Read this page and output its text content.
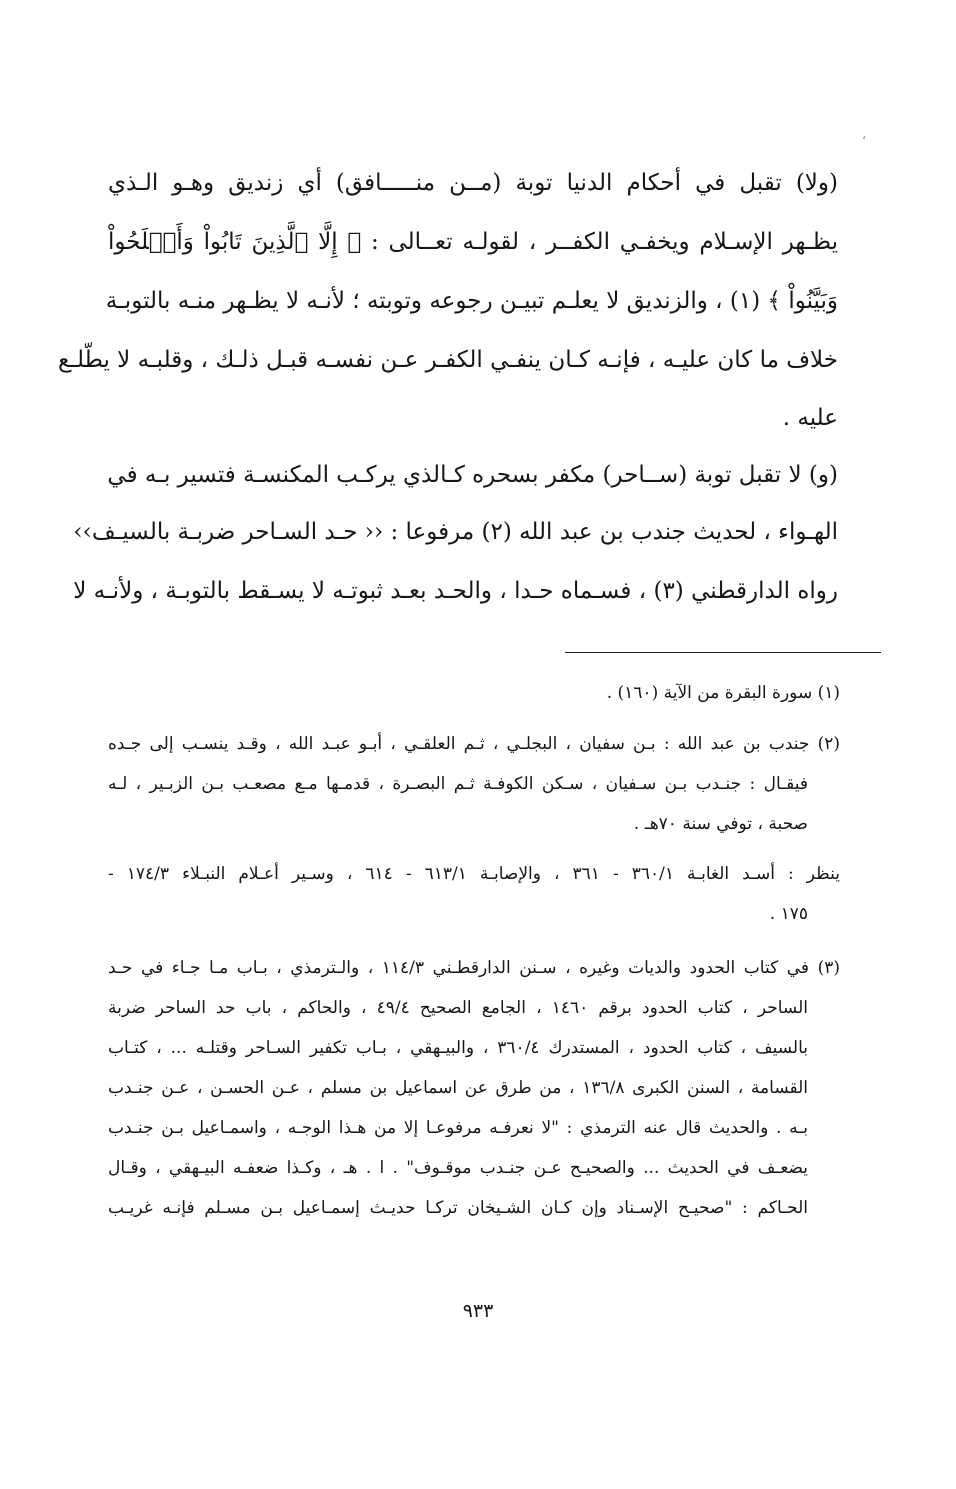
،
(ولا) تقبل في أحكام الدنيا توبة (مــن منـــــافق) أي زنديق وهـو الـذي
يظـهر الإسـلام ويخفـي الكفــر ، لقولـه تعــالى : ﴿ إِلَّا ٱلَّذِينَ تَابُواْ وَأَصۡلَحُواْ
وَبَيَّنُواْ ﴾ (١) ، والزنديق لا يعلـم تبيـن رجوعه وتوبته ؛ لأنـه لا يظـهر منـه بالتوبـة
خلاف ما كان عليـه ، فإنـه كـان ينفـي الكفـر عـن نفسـه قبـل ذلـك ، وقلبـه لا يطّلـع
عليه .
(و) لا تقبل توبة (ســاحر) مكفر بسحره كـالذي يركـب المكنسـة فتسير بـه في
الهـواء ، لحديث جندب بن عبد الله (٢) مرفوعا : ‹‹ حـد السـاحر ضربـة بالسيـف››
رواه الدارقطني (٣) ، فسـماه حـدا ، والحـد بعـد ثبوتـه لا يسـقط بالتوبـة ، ولأنـه لا
(١) سورة البقرة من الآية (١٦٠) .
(٢) جندب بن عبد الله : بـن سفيان ، البجلـي ، ثـم العلقـي ، أبـو عبـد الله ، وقـد ينسـب إلى جـده
فيقـال : جنـدب بـن سـفيان ، سـكن الكوفـة ثـم البصـرة ، قدمـها مـع مصعـب بـن الزبـير ، لـه
صحبة ، توفي سنة ٧٠هـ .
ينظر : أسـد الغابـة ٣٦٠/١ - ٣٦١ ، والإصابـة ٦١٣/١ - ٦١٤ ، وسـير أعـلام النبـلاء ١٧٤/٣ -
١٧٥ .
(٣) في كتاب الحدود والديات وغيره ، سـنن الدارقطـني ١١٤/٣ ، والـترمذي ، بـاب مـا جـاء في حـد
الساحر ، كتاب الحدود برقم ١٤٦٠ ، الجامع الصحيح ٤٩/٤ ، والحاكم ، باب حد الساحر ضربة
بالسيف ، كتاب الحدود ، المستدرك ٣٦٠/٤ ، والبيـهقي ، بـاب تكفير السـاحر وقتلـه ... ، كتـاب
القسامة ، السنن الكبرى ١٣٦/٨ ، من طرق عن اسماعيل بن مسلم ، عـن الحسـن ، عـن جنـدب
بـه . والحديث قال عنه الترمذي : "لا نعرفـه مرفوعـا إلا من هـذا الوجـه ، واسمـاعيل بـن جنـدب
يضعـف في الحديث ... والصحيـح عـن جنـدب موقـوف" . ا . هـ ، وكـذا ضعفـه البيـهقي ، وقـال
الحـاكم : "صحيـح الإسـناد وإن كـان الشـيخان تركـا حديـث إسمـاعيل بـن مسـلم فإنـه غريـب
٩٣٣
